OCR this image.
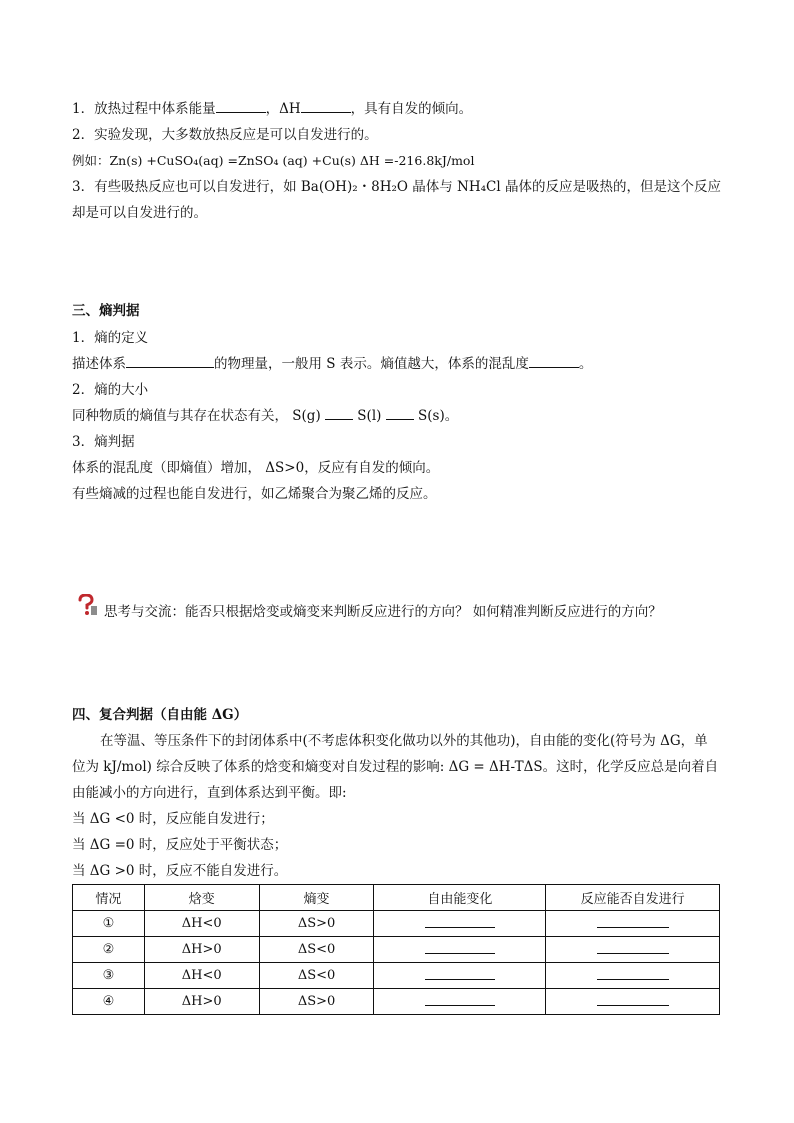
1．放热过程中体系能量	，ΔH	，具有自发的倾向。
2．实验发现，大多数放热反应是可以自发进行的。
例如：Zn(s) +CuSO₄(aq) =ZnSO₄ (aq) +Cu(s) ΔH =-216.8kJ/mol
3．有些吸热反应也可以自发进行，如 Ba(OH)₂・8H₂O 晶体与 NH₄Cl 晶体的反应是吸热的，但是这个反应
却是可以自发进行的。
三、熵判据
1．熵的定义
描述体系	的物理量，一般用 S 表示。熵值越大，体系的混乱度	。
2．熵的大小
同种物质的熵值与其存在状态有关， S(g)  S(l)  S(s)。
3．熵判据
体系的混乱度（即熵值）增加， ΔS>0，反应有自发的倾向。
有些熵减的过程也能自发进行，如乙烯聚合为聚乙烯的反应。
思考与交流：能否只根据焓变或熵变来判断反应进行的方向？ 如何精准判断反应进行的方向？
四、复合判据（自由能 ΔG）
在等温、等压条件下的封闭体系中(不考虑体积变化做功以外的其他功)，自由能的变化(符号为 ΔG，单
位为 kJ/mol) 综合反映了体系的焓变和熵变对自发过程的影响: ΔG = ΔH-TΔS。这时，化学反应总是向着自
由能减小的方向进行，直到体系达到平衡。即:
当 ΔG <0 时，反应能自发进行；
当 ΔG =0 时，反应处于平衡状态；
当 ΔG >0 时，反应不能自发进行。
情况	焓变	熵变	自由能变化	反应能否自发进行
①	ΔH<0	ΔS>0		
②	ΔH>0	ΔS<0		
③	ΔH<0	ΔS<0		
④	ΔH>0	ΔS>0		
